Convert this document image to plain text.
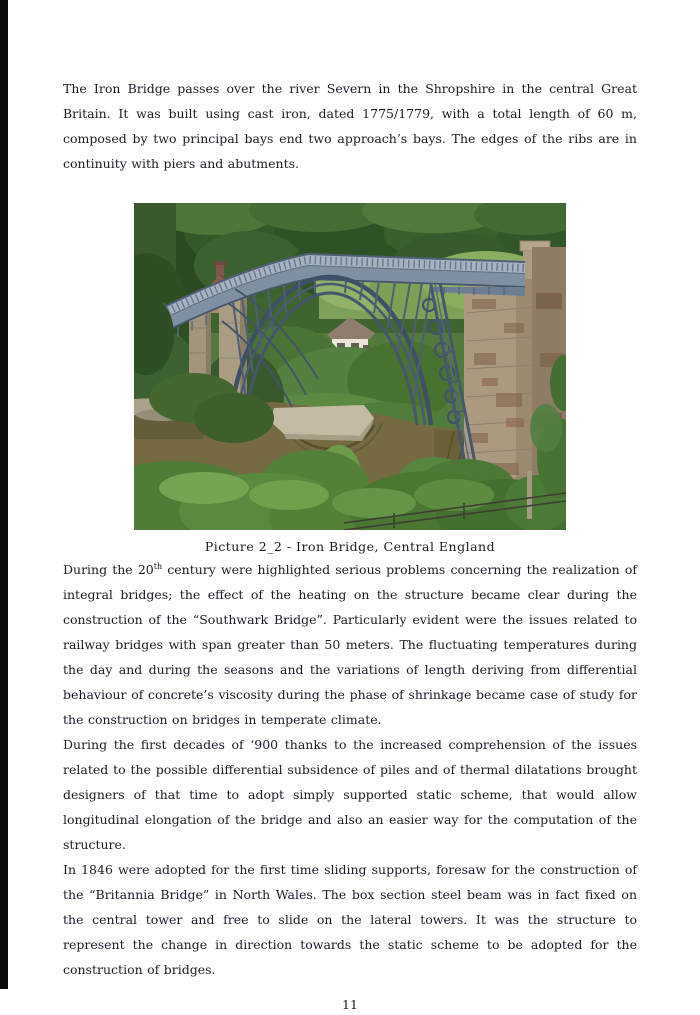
The Iron Bridge passes over the river Severn in the Shropshire in the central Great Britain. It was built using cast iron, dated 1775/1779, with a total length of 60 m, composed by two principal bays end two approach’s bays. The edges of the ribs are in continuity with piers and abutments.

Picture 2_2 - Iron Bridge, Central England

During the 20th century were highlighted serious problems concerning the realization of integral bridges; the effect of the heating on the structure became clear during the construction of the “Southwark Bridge”. Particularly evident were the issues related to railway bridges with span greater than 50 meters. The fluctuating temperatures during the day and during the seasons and the variations of length deriving from differential behaviour of concrete’s viscosity during the phase of shrinkage became case of study for the construction on bridges in temperate climate.

During the first decades of ‘900 thanks to the increased comprehension of the issues related to the possible differential subsidence of piles and of thermal dilatations brought designers of that time to adopt simply supported static scheme, that would allow longitudinal elongation of the bridge and also an easier way for the computation of the structure.

In 1846 were adopted for the first time sliding supports, foresaw for the construction of the “Britannia Bridge” in North Wales. The box section steel beam was in fact fixed on the central tower and free to slide on the lateral towers. It was the structure to represent the change in direction towards the static scheme to be adopted for the construction of bridges.

11
